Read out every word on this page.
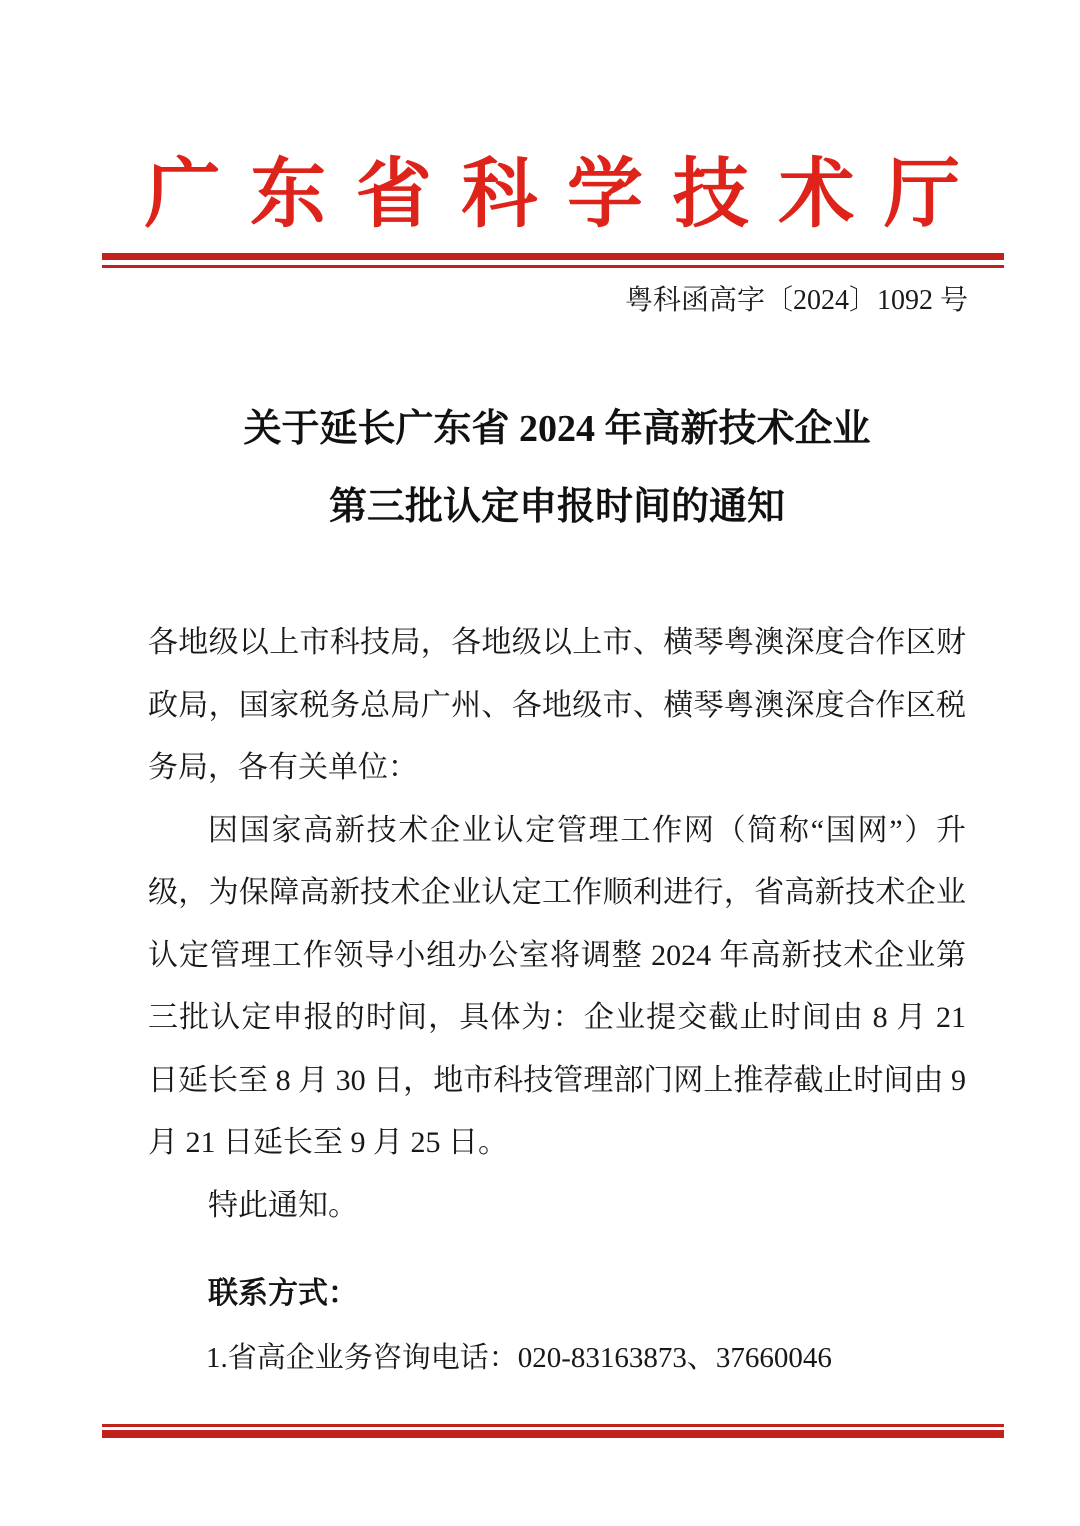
广 东 省 科 学 技 术 厅
粤科函高字〔2024〕1092 号
关于延长广东省 2024 年高新技术企业
第三批认定申报时间的通知

各地级以上市科技局，各地级以上市、横琴粤澳深度合作区财政局，国家税务总局广州、各地级市、横琴粤澳深度合作区税务局，各有关单位：

因国家高新技术企业认定管理工作网（简称“国网”）升级，为保障高新技术企业认定工作顺利进行，省高新技术企业认定管理工作领导小组办公室将调整 2024 年高新技术企业第三批认定申报的时间，具体为：企业提交截止时间由 8 月 21 日延长至 8 月 30 日，地市科技管理部门网上推荐截止时间由 9 月 21 日延长至 9 月 25 日。

特此通知。

联系方式：
1.省高企业务咨询电话：020-83163873、37660046
